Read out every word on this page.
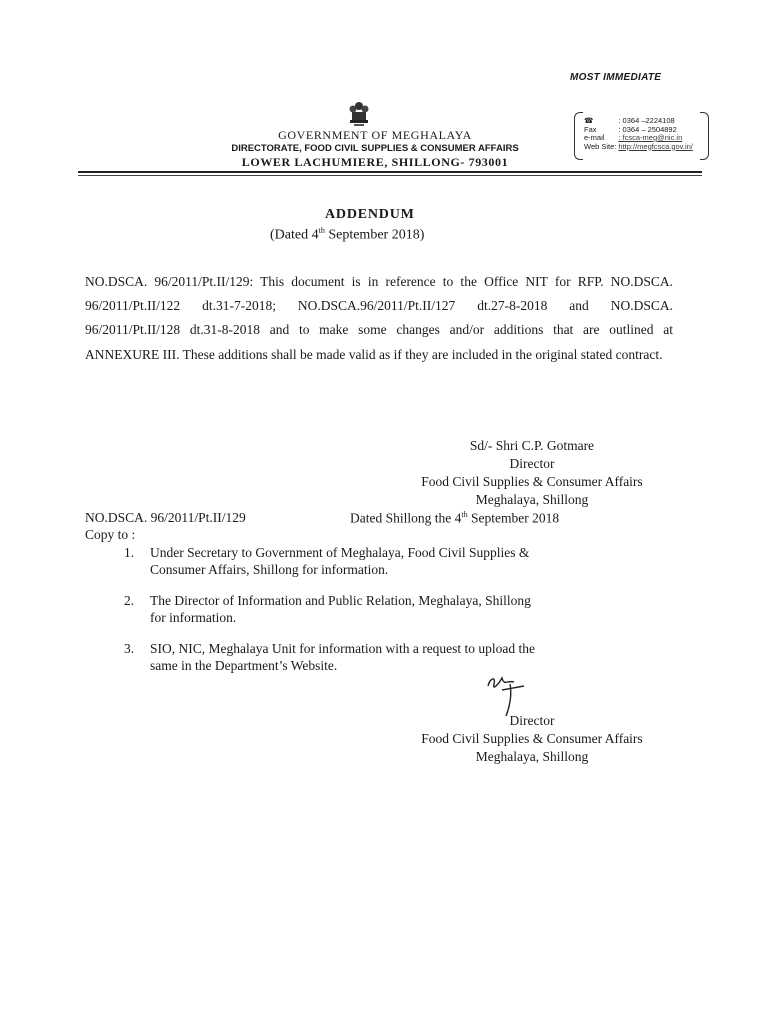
MOST IMMEDIATE
GOVERNMENT OF MEGHALAYA
DIRECTORATE, FOOD CIVIL SUPPLIES & CONSUMER AFFAIRS
LOWER LACHUMIERE, SHILLONG- 793001
☎	: 0364 –2224108
Fax	: 0364 – 2504892
e-mail	: fcsca-meg@nic.in
Web Site:	http://megfcsca.gov.in/
ADDENDUM
(Dated 4th September 2018)
NO.DSCA. 96/2011/Pt.II/129: This document is in reference to the Office NIT for RFP. NO.DSCA. 96/2011/Pt.II/122 dt.31-7-2018; NO.DSCA.96/2011/Pt.II/127 dt.27-8-2018 and NO.DSCA. 96/2011/Pt.II/128 dt.31-8-2018 and to make some changes and/or additions that are outlined at ANNEXURE III. These additions shall be made valid as if they are included in the original stated contract.
Sd/- Shri C.P. Gotmare
Director
Food Civil Supplies & Consumer Affairs
Meghalaya, Shillong
NO.DSCA. 96/2011/Pt.II/129	Dated Shillong the 4th September 2018
Copy to :
1. Under Secretary to Government of Meghalaya, Food Civil Supplies &
Consumer Affairs, Shillong for information.
2. The Director of Information and Public Relation, Meghalaya, Shillong
for information.
3. SIO, NIC, Meghalaya Unit for information with a request to upload the
same in the Department’s Website.
Director
Food Civil Supplies & Consumer Affairs
Meghalaya, Shillong
